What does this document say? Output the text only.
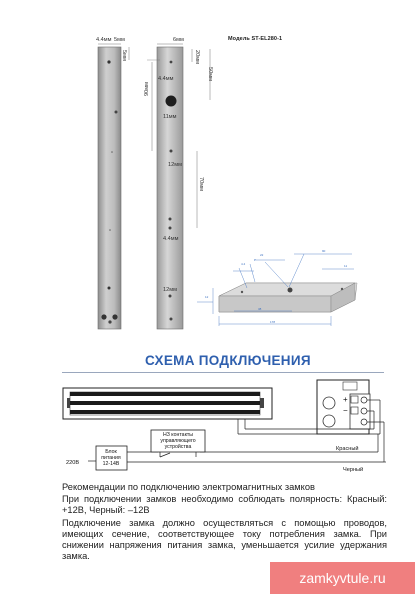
4.4
7
22
90
11
12
38
178
Модель ST-EL280-1
4.4мм 5мм	6мм
5мм	20мм
50мм
4.4мм
90мм
11мм
12мм
70мм
4.4мм
12мм
СХЕМА ПОДКЛЮЧЕНИЯ
+
−
Блок
питания
12-14В
НЗ контакты
управляющего
устройства
220В
Красный
Черный
Рекомендации по подключению электромагнитных замков
При подключении замков необходимо соблюдать полярность: Красный: +12В, Черный: –12В
Подключение замка должно осуществляться с помощью проводов, имеющих сечение, соответствующее току потребления замка. При снижении напряжения питания замка, уменьшается усилие удержания замка.
zamkyvtule.ru
